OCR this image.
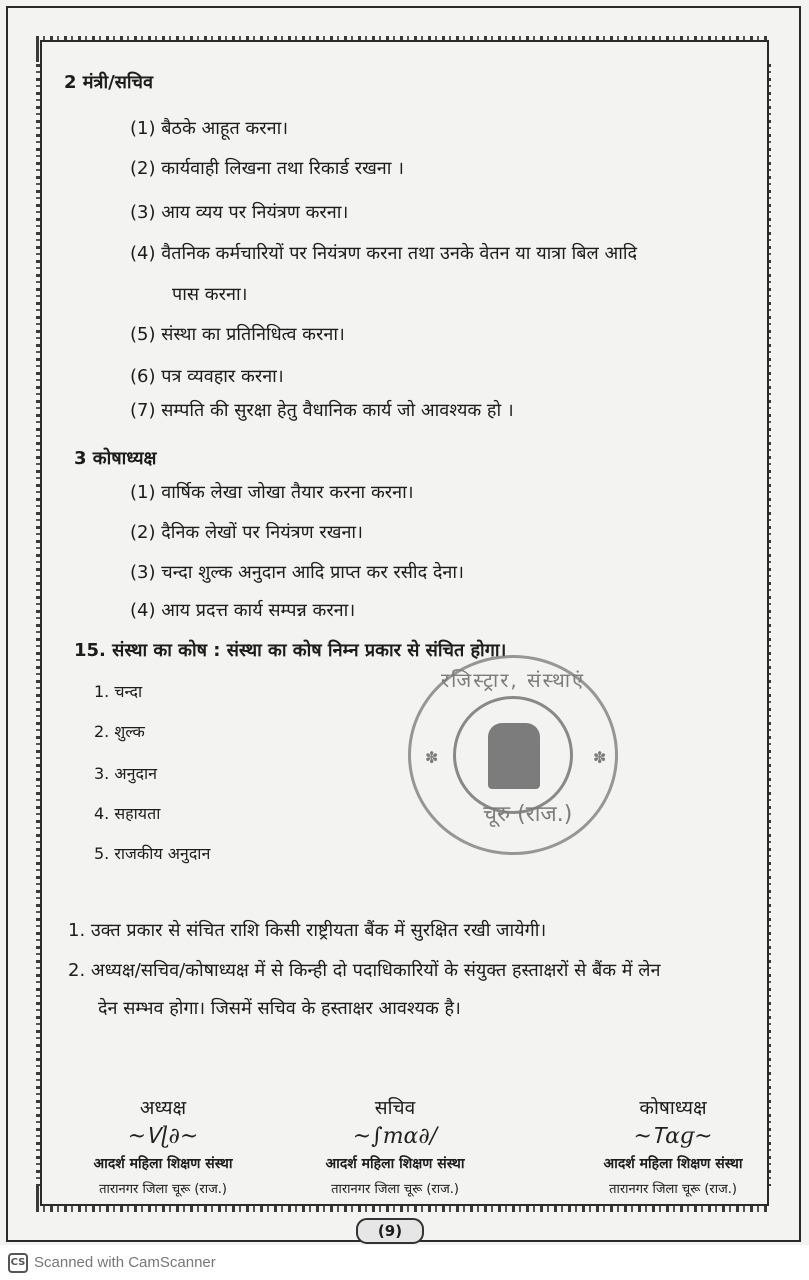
2 मंत्री/सचिव
(1) बैठके आहूत करना।
(2) कार्यवाही लिखना तथा रिकार्ड रखना ।
(3) आय व्यय पर नियंत्रण करना।
(4) वैतनिक कर्मचारियों पर नियंत्रण करना तथा उनके वेतन या यात्रा बिल आदि
पास करना।
(5) संस्था का प्रतिनिधित्व करना।
(6) पत्र व्यवहार करना।
(7) सम्पति की सुरक्षा हेतु वैधानिक कार्य जो आवश्यक हो ।
3 कोषाध्यक्ष
(1) वार्षिक लेखा जोखा तैयार करना करना।
(2) दैनिक लेखों पर नियंत्रण रखना।
(3) चन्दा शुल्क अनुदान आदि प्राप्त कर रसीद देना।
(4) आय प्रदत्त कार्य सम्पन्न करना।
15. संस्था का कोष : संस्था का कोष निम्न प्रकार से संचित होगा।
1. चन्दा
2. शुल्क
3. अनुदान
4. सहायता
5. राजकीय अनुदान
1. उक्त प्रकार से संचित राशि किसी राष्ट्रीयता बैंक में सुरक्षित रखी जायेगी।
2. अध्यक्ष/सचिव/कोषाध्यक्ष में से किन्ही दो पदाधिकारियों के संयुक्त हस्ताक्षरों से बैंक में लेन
देन सम्भव होगा। जिसमें सचिव के हस्ताक्षर आवश्यक है।
रजिस्ट्रार, संस्थाएं
✽	✽
चूरु (राज.)
अध्यक्ष
~Ꮩɭ∂~
आदर्श महिला शिक्षण संस्था
तारानगर जिला चूरू (राज.)
सचिव
~∫mɑ∂/
आदर्श महिला शिक्षण संस्था
तारानगर जिला चूरू (राज.)
कोषाध्यक्ष
~Ꭲɑɡ~
आदर्श महिला शिक्षण संस्था
तारानगर जिला चूरू (राज.)
(9)
CS Scanned with CamScanner
